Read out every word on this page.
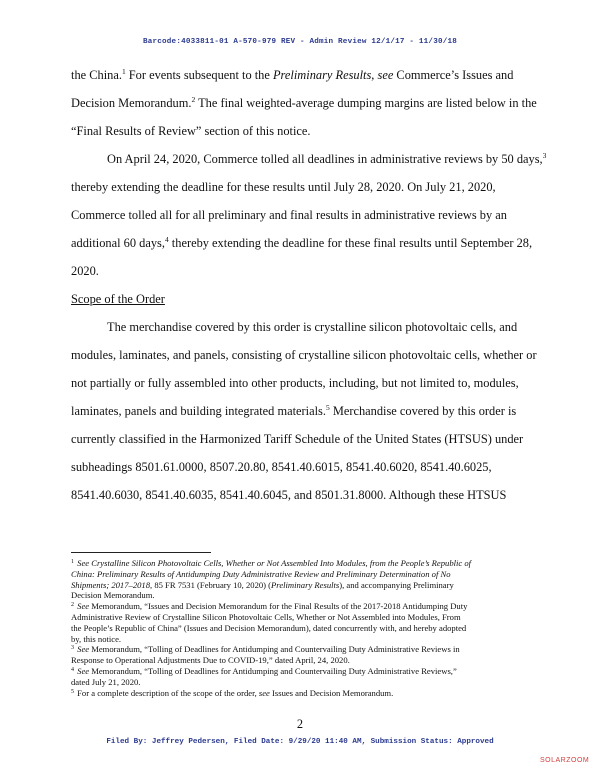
Barcode:4033811-01 A-570-979 REV - Admin Review 12/1/17 - 11/30/18
the China.$^1$ For events subsequent to the Preliminary Results, see Commerce’s Issues and
Decision Memorandum.$^2$ The final weighted-average dumping margins are listed below in the
“Final Results of Review” section of this notice.
On April 24, 2020, Commerce tolled all deadlines in administrative reviews by 50 days,$^3$
thereby extending the deadline for these results until July 28, 2020. On July 21, 2020,
Commerce tolled all for all preliminary and final results in administrative reviews by an
additional 60 days,$^4$ thereby extending the deadline for these final results until September 28,
2020.
Scope of the Order
The merchandise covered by this order is crystalline silicon photovoltaic cells, and
modules, laminates, and panels, consisting of crystalline silicon photovoltaic cells, whether or
not partially or fully assembled into other products, including, but not limited to, modules,
laminates, panels and building integrated materials.$^5$ Merchandise covered by this order is
currently classified in the Harmonized Tariff Schedule of the United States (HTSUS) under
subheadings 8501.61.0000, 8507.20.80, 8541.40.6015, 8541.40.6020, 8541.40.6025,
8541.40.6030, 8541.40.6035, 8541.40.6045, and 8501.31.8000. Although these HTSUS
$^1$ See Crystalline Silicon Photovoltaic Cells, Whether or Not Assembled Into Modules, from the People’s Republic of
China: Preliminary Results of Antidumping Duty Administrative Review and Preliminary Determination of No
Shipments; 2017–2018, 85 FR 7531 (February 10, 2020) (Preliminary Results), and accompanying Preliminary
Decision Memorandum.
$^2$ See Memorandum, “Issues and Decision Memorandum for the Final Results of the 2017-2018 Antidumping Duty
Administrative Review of Crystalline Silicon Photovoltaic Cells, Whether or Not Assembled into Modules, From
the People’s Republic of China” (Issues and Decision Memorandum), dated concurrently with, and hereby adopted
by, this notice.
$^3$ See Memorandum, “Tolling of Deadlines for Antidumping and Countervailing Duty Administrative Reviews in
Response to Operational Adjustments Due to COVID-19,” dated April, 24, 2020.
$^4$ See Memorandum, “Tolling of Deadlines for Antidumping and Countervailing Duty Administrative Reviews,”
dated July 21, 2020.
$^5$ For a complete description of the scope of the order, see Issues and Decision Memorandum.
2
Filed By: Jeffrey Pedersen, Filed Date: 9/29/20 11:40 AM, Submission Status: Approved
SOLARZOOM
